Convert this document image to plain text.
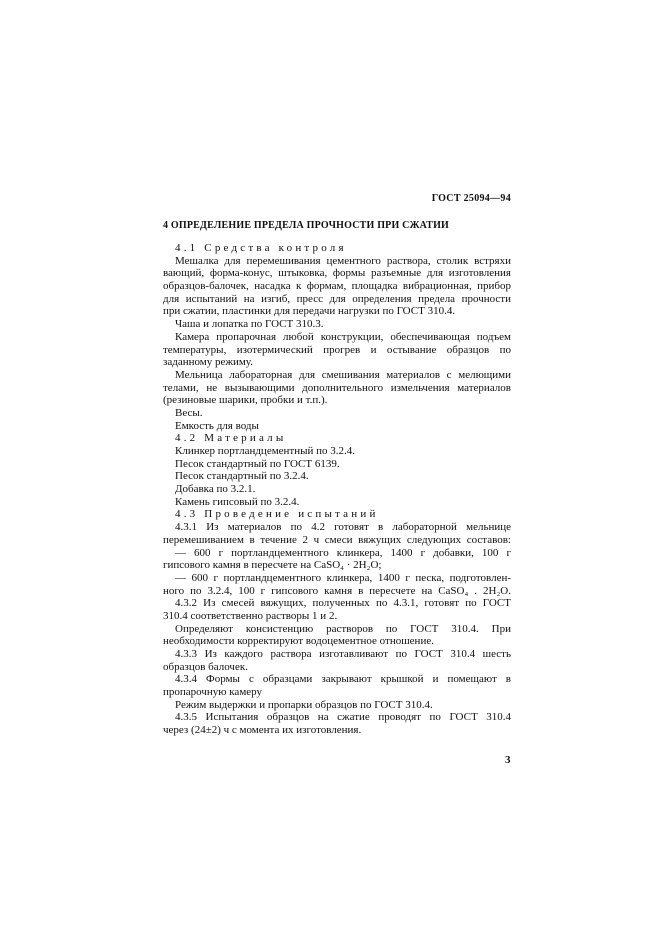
ГОСТ 25094—94
4 ОПРЕДЕЛЕНИЕ ПРЕДЕЛА ПРОЧНОСТИ ПРИ СЖАТИИ
4.1 Средства контроля
Мешалка для перемешивания цементного раствора, столик встряхи
вающий, форма-конус, штыковка, формы разъемные для изготовления
образцов-балочек, насадка к формам, площадка вибрационная, прибор
для испытаний на изгиб, пресс для определения предела прочности
при сжатии, пластинки для передачи нагрузки по ГОСТ 310.4.
Чаша и лопатка по ГОСТ 310.3.
Камера пропарочная любой конструкции, обеспечивающая подъем
температуры, изотермический прогрев и остывание образцов по
заданному режиму.
Мельница лабораторная для смешивания материалов с мелющими
телами, не вызывающими дополнительного измельчения материалов
(резиновые шарики, пробки и т.п.).
Весы.
Емкость для воды
4.2 Материалы
Клинкер портландцементный по 3.2.4.
Песок стандартный по ГОСТ 6139.
Песок стандартный по 3.2.4.
Добавка по 3.2.1.
Камень гипсовый по 3.2.4.
4.3 Проведение испытаний
4.3.1 Из материалов по 4.2 готовят в лабораторной мельнице
перемешиванием в течение 2 ч смеси вяжущих следующих составов:
— 600 г портландцементного клинкера, 1400 г добавки, 100 г
гипсового камня в пересчете на CaSO₄ · 2H₂O;
— 600 г портландцементного клинкера, 1400 г песка, подготовлен-
ного по 3.2.4, 100 г гипсового камня в пересчете на CaSO₄ . 2H₂O.
4.3.2 Из смесей вяжущих, полученных по 4.3.1, готовят по ГОСТ
310.4 соответственно растворы 1 и 2.
Определяют консистенцию растворов по ГОСТ 310.4. При
необходимости корректируют водоцементное отношение.
4.3.3 Из каждого раствора изготавливают по ГОСТ 310.4 шесть
образцов балочек.
4.3.4 Формы с образцами закрывают крышкой и помещают в
пропарочную камеру
Режим выдержки и пропарки образцов по ГОСТ 310.4.
4.3.5 Испытания образцов на сжатие проводят по ГОСТ 310.4
через (24±2) ч с момента их изготовления.
3
